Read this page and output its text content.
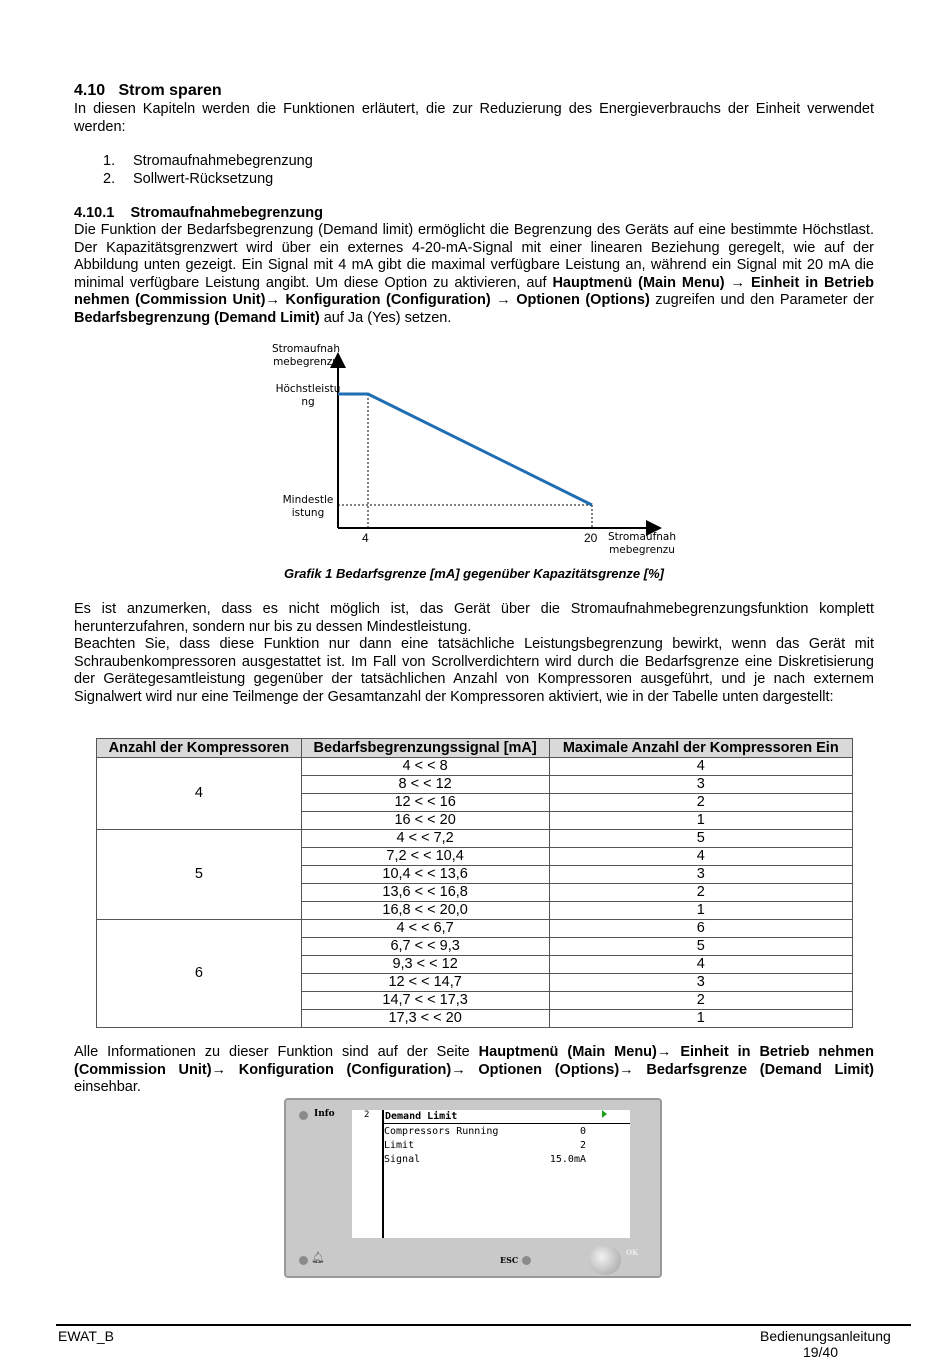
4.10 Strom sparen
In diesen Kapiteln werden die Funktionen erläutert, die zur Reduzierung des Energieverbrauchs der Einheit verwendet werden:
1. Stromaufnahmebegrenzung
2. Sollwert-Rücksetzung
4.10.1 Stromaufnahmebegrenzung
Die Funktion der Bedarfsbegrenzung (Demand limit) ermöglicht die Begrenzung des Geräts auf eine bestimmte Höchstlast. Der Kapazitätsgrenzwert wird über ein externes 4-20-mA-Signal mit einer linearen Beziehung geregelt, wie auf der Abbildung unten gezeigt. Ein Signal mit 4 mA gibt die maximal verfügbare Leistung an, während ein Signal mit 20 mA die minimal verfügbare Leistung angibt. Um diese Option zu aktivieren, auf Hauptmenü (Main Menu) → Einheit in Betrieb nehmen (Commission Unit)→ Konfiguration (Configuration) → Optionen (Options) zugreifen und den Parameter der Bedarfsbegrenzung (Demand Limit) auf Ja (Yes) setzen.
Stromaufnah mebegrenzu
Höchstleistu ng
Mindestle istung
4	20	Stromaufnah mebegrenzu
Grafik 1 Bedarfsgrenze [mA] gegenüber Kapazitätsgrenze [%]
Es ist anzumerken, dass es nicht möglich ist, das Gerät über die Stromaufnahmebegrenzungsfunktion komplett herunterzufahren, sondern nur bis zu dessen Mindestleistung.
Beachten Sie, dass diese Funktion nur dann eine tatsächliche Leistungsbegrenzung bewirkt, wenn das Gerät mit Schraubenkompressoren ausgestattet ist. Im Fall von Scrollverdichtern wird durch die Bedarfsgrenze eine Diskretisierung der Gerätegesamtleistung gegenüber der tatsächlichen Anzahl von Kompressoren ausgeführt, und je nach externem Signalwert wird nur eine Teilmenge der Gesamtanzahl der Kompressoren aktiviert, wie in der Tabelle unten dargestellt:
Anzahl der Kompressoren	Bedarfsbegrenzungssignal [mA]	Maximale Anzahl der Kompressoren Ein
4	4 < < 8	4
	8 < < 12	3
	12 < < 16	2
	16 < < 20	1
5	4 < < 7,2	5
	7,2 < < 10,4	4
	10,4 < < 13,6	3
	13,6 < < 16,8	2
	16,8 < < 20,0	1
6	4 < < 6,7	6
	6,7 < < 9,3	5
	9,3 < < 12	4
	12 < < 14,7	3
	14,7 < < 17,3	2
	17,3 < < 20	1
Alle Informationen zu dieser Funktion sind auf der Seite Hauptmenü (Main Menu)→ Einheit in Betrieb nehmen (Commission Unit)→ Konfiguration (Configuration)→ Optionen (Options)→ Bedarfsgrenze (Demand Limit) einsehbar.
Info	2 Demand Limit
Compressors Running	0
Limit	2
Signal	15.0mA
🔔︎	ESC
OK
EWAT_B	Bedienungsanleitung
19/40
